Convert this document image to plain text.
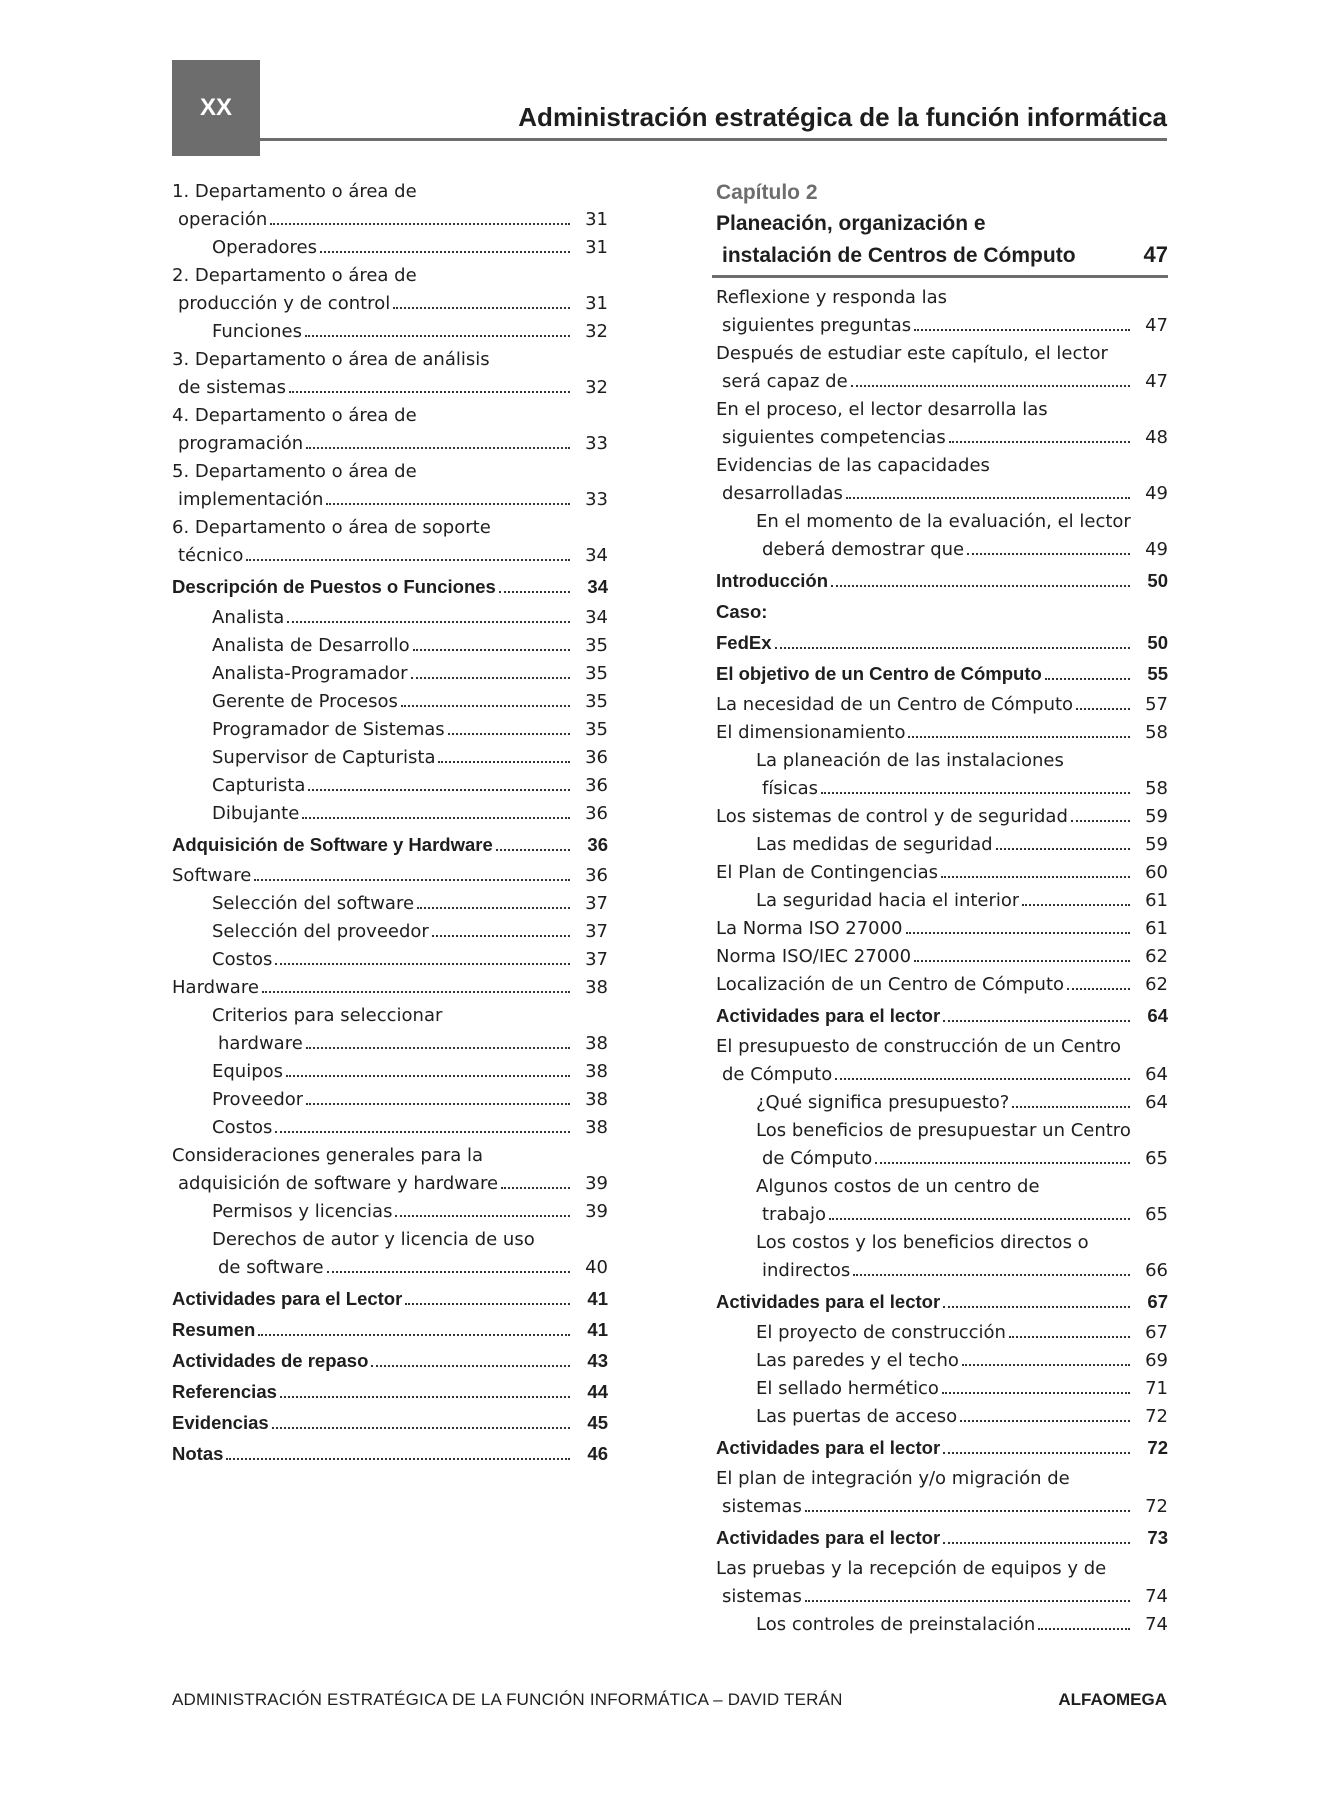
XX	Administración estratégica de la función informática
1. Departamento o área de
operación	31
Operadores	31
2. Departamento o área de
producción y de control	31
Funciones	32
3. Departamento o área de análisis
de sistemas	32
4. Departamento o área de
programación	33
5. Departamento o área de
implementación	33
6. Departamento o área de soporte
técnico	34
Descripción de Puestos o Funciones	34
Analista	34
Analista de Desarrollo	35
Analista-Programador	35
Gerente de Procesos	35
Programador de Sistemas	35
Supervisor de Capturista	36
Capturista	36
Dibujante	36
Adquisición de Software y Hardware	36
Software	36
Selección del software	37
Selección del proveedor	37
Costos	37
Hardware	38
Criterios para seleccionar
hardware	38
Equipos	38
Proveedor	38
Costos	38
Consideraciones generales para la
adquisición de software y hardware	39
Permisos y licencias	39
Derechos de autor y licencia de uso
de software	40
Actividades para el Lector	41
Resumen	41
Actividades de repaso	43
Referencias	44
Evidencias	45
Notas	46
Capítulo 2
Planeación, organización e
instalación de Centros de Cómputo	47
Reflexione y responda las
siguientes preguntas	47
Después de estudiar este capítulo, el lector
será capaz de	47
En el proceso, el lector desarrolla las
siguientes competencias	48
Evidencias de las capacidades
desarrolladas	49
En el momento de la evaluación, el lector
deberá demostrar que	49
Introducción	50
Caso:
FedEx	50
El objetivo de un Centro de Cómputo	55
La necesidad de un Centro de Cómputo	57
El dimensionamiento	58
La planeación de las instalaciones
físicas	58
Los sistemas de control y de seguridad	59
Las medidas de seguridad	59
El Plan de Contingencias	60
La seguridad hacia el interior	61
La Norma ISO 27000	61
Norma ISO/IEC 27000	62
Localización de un Centro de Cómputo	62
Actividades para el lector	64
El presupuesto de construcción de un Centro
de Cómputo	64
¿Qué significa presupuesto?	64
Los beneficios de presupuestar un Centro
de Cómputo	65
Algunos costos de un centro de
trabajo	65
Los costos y los beneficios directos o
indirectos	66
Actividades para el lector	67
El proyecto de construcción	67
Las paredes y el techo	69
El sellado hermético	71
Las puertas de acceso	72
Actividades para el lector	72
El plan de integración y/o migración de
sistemas	72
Actividades para el lector	73
Las pruebas y la recepción de equipos y de
sistemas	74
Los controles de preinstalación	74
ADMINISTRACIÓN ESTRATÉGICA DE LA FUNCIÓN INFORMÁTICA – DAVID TERÁN	ALFAOMEGA
